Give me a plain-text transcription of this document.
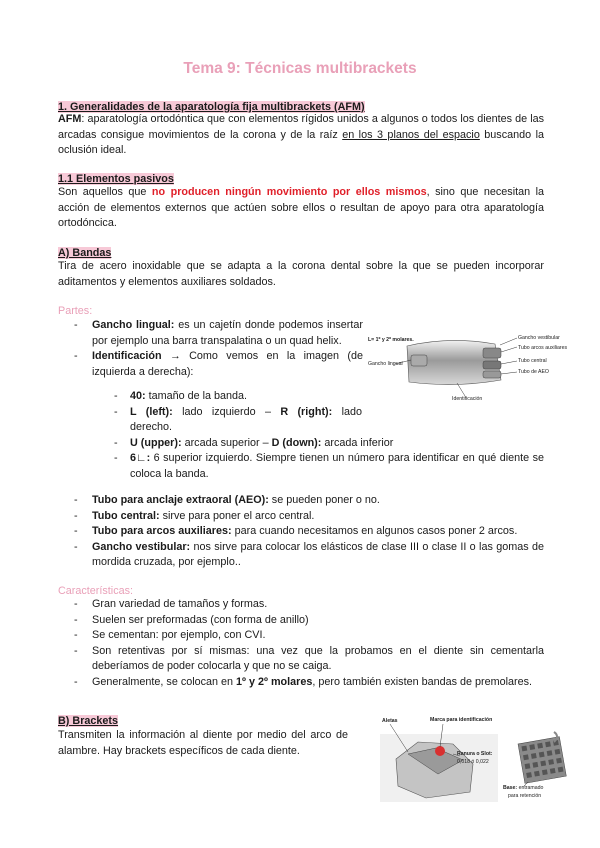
Tema 9: Técnicas multibrackets
1. Generalidades de la aparatología fija multibrackets (AFM)
AFM: aparatología ortodóntica que con elementos rígidos unidos a algunos o todos los dientes de las arcadas consigue movimientos de la corona y de la raíz en los 3 planos del espacio buscando la oclusión ideal.
1.1 Elementos pasivos
Son aquellos que no producen ningún movimiento por ellos mismos, sino que necesitan la acción de elementos externos que actúen sobre ellos o resultan de apoyo para otra aparatología ortodóncica.
A) Bandas
Tira de acero inoxidable que se adapta a la corona dental sobre la que se pueden incorporar aditamentos y elementos auxiliares soldados.
Partes:
- Gancho lingual: es un cajetín donde podemos insertar por ejemplo una barra transpalatina o un quad helix.
- Identificación → Como vemos en la imagen (de izquierda a derecha):
- 40: tamaño de la banda.
- L (left): lado izquierdo – R (right): lado derecho.
- U (upper): arcada superior – D (down): arcada inferior
- 6∟: 6 superior izquierdo. Siempre tienen un número para identificar en qué diente se coloca la banda.
- Tubo para anclaje extraoral (AEO): se pueden poner o no.
- Tubo central: sirve para poner el arco central.
- Tubo para arcos auxiliares: para cuando necesitamos en algunos casos poner 2 arcos.
- Gancho vestibular: nos sirve para colocar los elásticos de clase III o clase II o las gomas de mordida cruzada, por ejemplo..
Características:
- Gran variedad de tamaños y formas.
- Suelen ser preformadas (con forma de anillo)
- Se cementan: por ejemplo, con CVI.
- Son retentivas por sí mismas: una vez que la probamos en el diente sin cementarla deberíamos de poder colocarla y que no se caiga.
- Generalmente, se colocan en 1º y 2º molares, pero también existen bandas de premolares.
B) Brackets
Transmiten la información al diente por medio del arco de alambre. Hay brackets específicos de cada diente.
L= 1º y 2º molares.
Gancho lingual
Identificación
Gancho vestibular
Tubo arcos auxiliares
Tubo central
Tubo de AEO
Aletas	Marca para identificación
Ranura o Slot:
0,018 ó 0,022
Base: entramado
para retención
